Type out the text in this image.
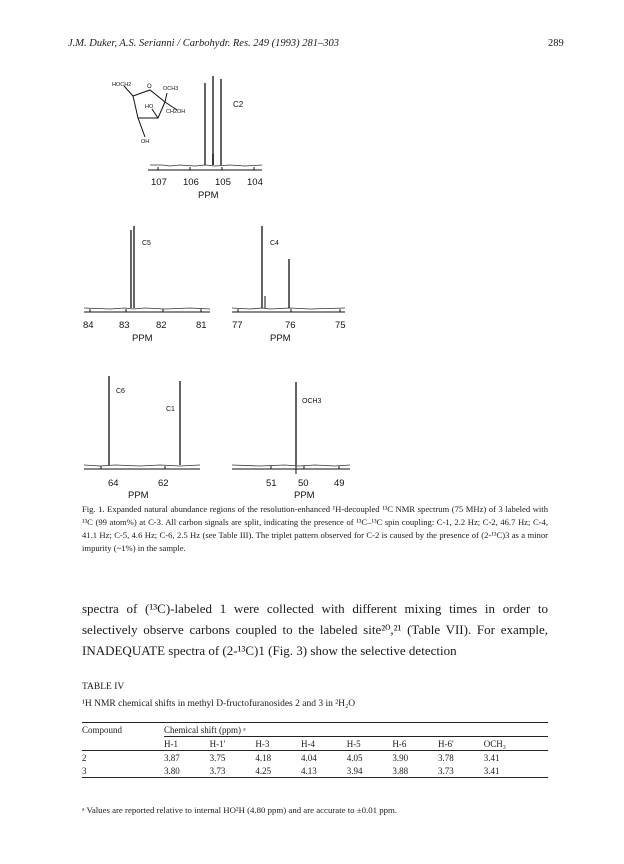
J.M. Duker, A.S. Serianni / Carbohydr. Res. 249 (1993) 281–303	289
HOCH2	O OCH3
HO
CH2OH
OH
C2
107 106 105 104
PPM
C5
84	83	82	81
PPM
C4
77	76	75
PPM
C6
C1
64	62
PPM
OCH3
51 50	49
PPM

Fig. 1. Expanded natural abundance regions of the resolution-enhanced ¹H-decoupled ¹³C NMR spectrum (75 MHz) of 3 labeled with ¹³C (99 atom%) at C-3. All carbon signals are split, indicating the presence of ¹³C–¹³C spin coupling: C-1, 2.2 Hz; C-2, 46.7 Hz; C-4, 41.1 Hz; C-5, 4.6 Hz; C-6, 2.5 Hz (see Table III). The triplet pattern observed for C-2 is caused by the presence of (2-¹³C)3 as a minor impurity (~1%) in the sample.

spectra of (¹³C)-labeled 1 were collected with different mixing times in order to selectively observe carbons coupled to the labeled site²⁰,²¹ (Table VII). For example, INADEQUATE spectra of (2-¹³C)1 (Fig. 3) show the selective detection

TABLE IV
¹H NMR chemical shifts in methyl D-fructofuranosides 2 and 3 in ²H₂O
Compound	Chemical shift (ppm) ᵃ							
	H-1	H-1'	H-3	H-4	H-5	H-6	H-6'	OCH₃
2	3.87	3.75	4.18	4.04	4.05	3.90	3.78	3.41
3	3.80	3.73	4.25	4.13	3.94	3.88	3.73	3.41
ᵃ Values are reported relative to internal HO²H (4.80 ppm) and are accurate to ±0.01 ppm.
